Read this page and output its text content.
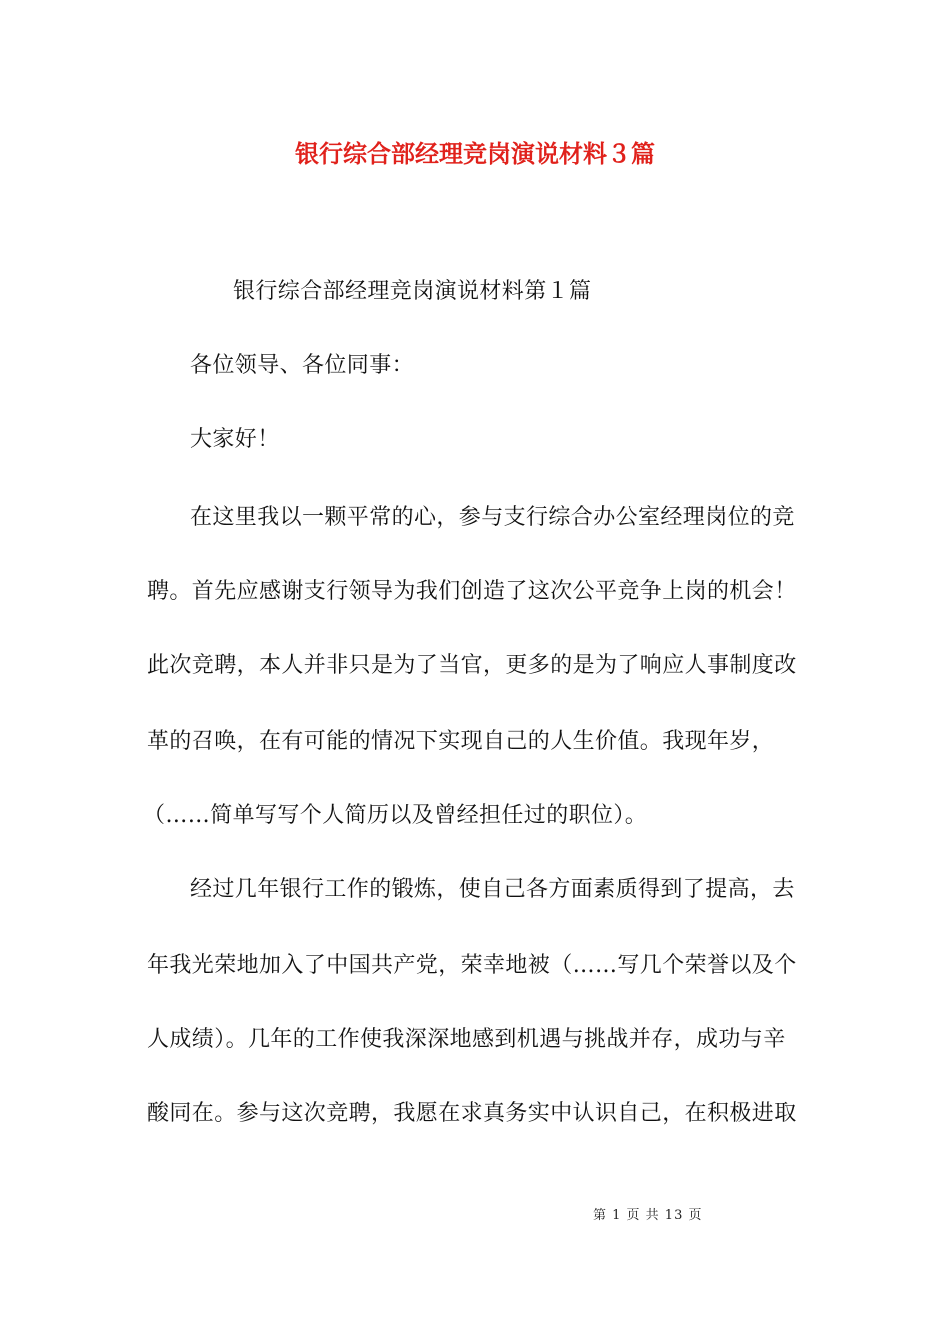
银行综合部经理竞岗演说材料３篇
银行综合部经理竞岗演说材料第１篇
各位领导、各位同事：
大家好！
在这里我以一颗平常的心，参与支行综合办公室经理岗位的竞
聘。首先应感谢支行领导为我们创造了这次公平竞争上岗的机会！
此次竞聘，本人并非只是为了当官，更多的是为了响应人事制度改
革的召唤，在有可能的情况下实现自己的人生价值。我现年岁，
（……简单写写个人简历以及曾经担任过的职位）。
经过几年银行工作的锻炼，使自己各方面素质得到了提高，去
年我光荣地加入了中国共产党，荣幸地被（……写几个荣誉以及个
人成绩）。几年的工作使我深深地感到机遇与挑战并存，成功与辛
酸同在。参与这次竞聘，我愿在求真务实中认识自己，在积极进取
第 1 页 共 13 页
